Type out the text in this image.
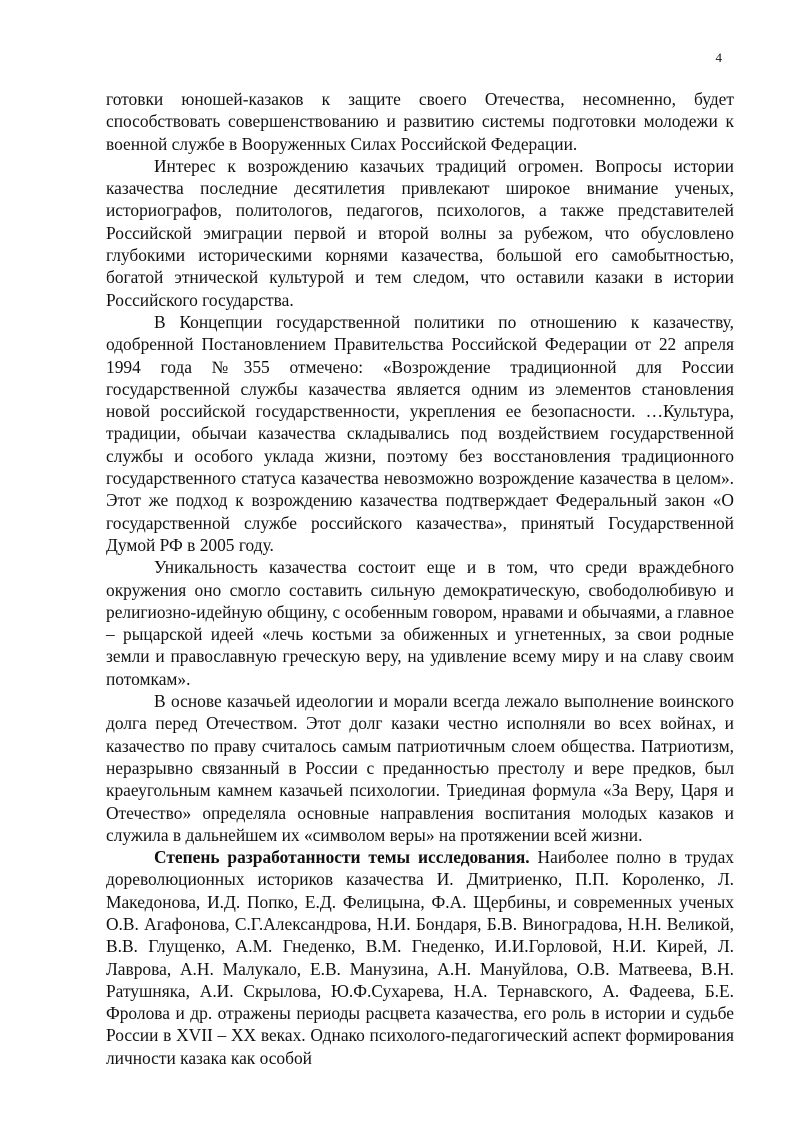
4

готовки юношей-казаков к защите своего Отечества, несомненно, будет способствовать совершенствованию и развитию системы подготовки молодежи к военной службе в Вооруженных Силах Российской Федерации.

Интерес к возрождению казачьих традиций огромен. Вопросы истории казачества последние десятилетия привлекают широкое внимание ученых, историографов, политологов, педагогов, психологов, а также представителей Российской эмиграции первой и второй волны за рубежом, что обусловлено глубокими историческими корнями казачества, большой его самобытностью, богатой этнической культурой и тем следом, что оставили казаки в истории Российского государства.

В Концепции государственной политики по отношению к казачеству, одобренной Постановлением Правительства Российской Федерации от 22 апреля 1994 года №355 отмечено: «Возрождение традиционной для России государственной службы казачества является одним из элементов становления новой российской государственности, укрепления ее безопасности. …Культура, традиции, обычаи казачества складывались под воздействием государственной службы и особого уклада жизни, поэтому без восстановления традиционного государственного статуса казачества невозможно возрождение казачества в целом». Этот же подход к возрождению казачества подтверждает Федеральный закон «О государственной службе российского казачества», принятый Государственной Думой РФ в 2005 году.

Уникальность казачества состоит еще и в том, что среди враждебного окружения оно смогло составить сильную демократическую, свободолюбивую и религиозно-идейную общину, с особенным говором, нравами и обычаями, а главное – рыцарской идеей «лечь костьми за обиженных и угнетенных, за свои родные земли и православную греческую веру, на удивление всему миру и на славу своим потомкам».

В основе казачьей идеологии и морали всегда лежало выполнение воинского долга перед Отечеством. Этот долг казаки честно исполняли во всех войнах, и казачество по праву считалось самым патриотичным слоем общества. Патриотизм, неразрывно связанный в России с преданностью престолу и вере предков, был краеугольным камнем казачьей психологии. Триединая формула «За Веру, Царя и Отечество» определяла основные направления воспитания молодых казаков и служила в дальнейшем их «символом веры» на протяжении всей жизни.

Степень разработанности темы исследования. Наиболее полно в трудах дореволюционных историков казачества И. Дмитриенко, П.П. Короленко, Л. Македонова, И.Д. Попко, Е.Д. Фелицына, Ф.А. Щербины, и современных ученых О.В. Агафонова, С.Г.Александрова, Н.И. Бондаря, Б.В. Виноградова, Н.Н. Великой, В.В. Глущенко, А.М. Гнеденко, В.М. Гнеденко, И.И.Горловой, Н.И. Кирей, Л. Лаврова, А.Н. Малукало, Е.В. Манузина, А.Н. Мануйлова, О.В. Матвеева, В.Н. Ратушняка, А.И. Скрылова, Ю.Ф.Сухарева, Н.А. Тернавского, А. Фадеева, Б.Е. Фролова и др. отражены периоды расцвета казачества, его роль в истории и судьбе России в XVII – XX веках. Однако психолого-педагогический аспект формирования личности казака как особой
